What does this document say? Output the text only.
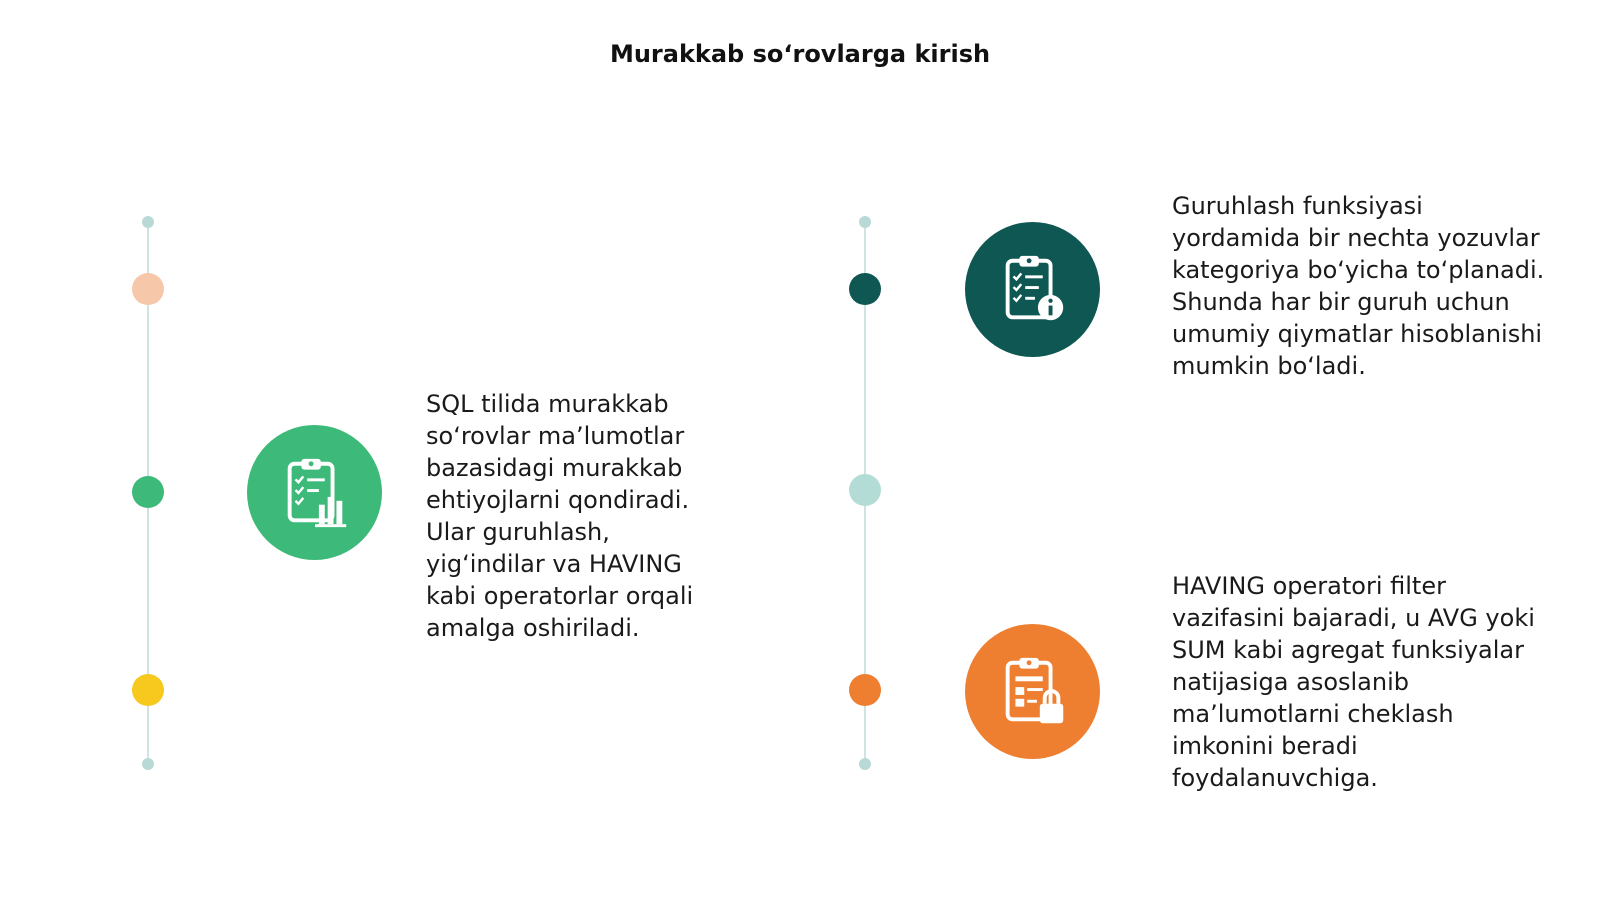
Murakkab so‘rovlarga kirish

SQL tilida murakkab so‘rovlar ma’lumotlar bazasidagi murakkab ehtiyojlarni qondiradi. Ular guruhlash, yig‘indilar va HAVING kabi operatorlar orqali amalga oshiriladi.

Guruhlash funksiyasi yordamida bir nechta yozuvlar kategoriya bo‘yicha to‘planadi. Shunda har bir guruh uchun umumiy qiymatlar hisoblanishi mumkin bo‘ladi.

HAVING operatori filter vazifasini bajaradi, u AVG yoki SUM kabi agregat funksiyalar natijasiga asoslanib ma’lumotlarni cheklash imkonini beradi foydalanuvchiga.
